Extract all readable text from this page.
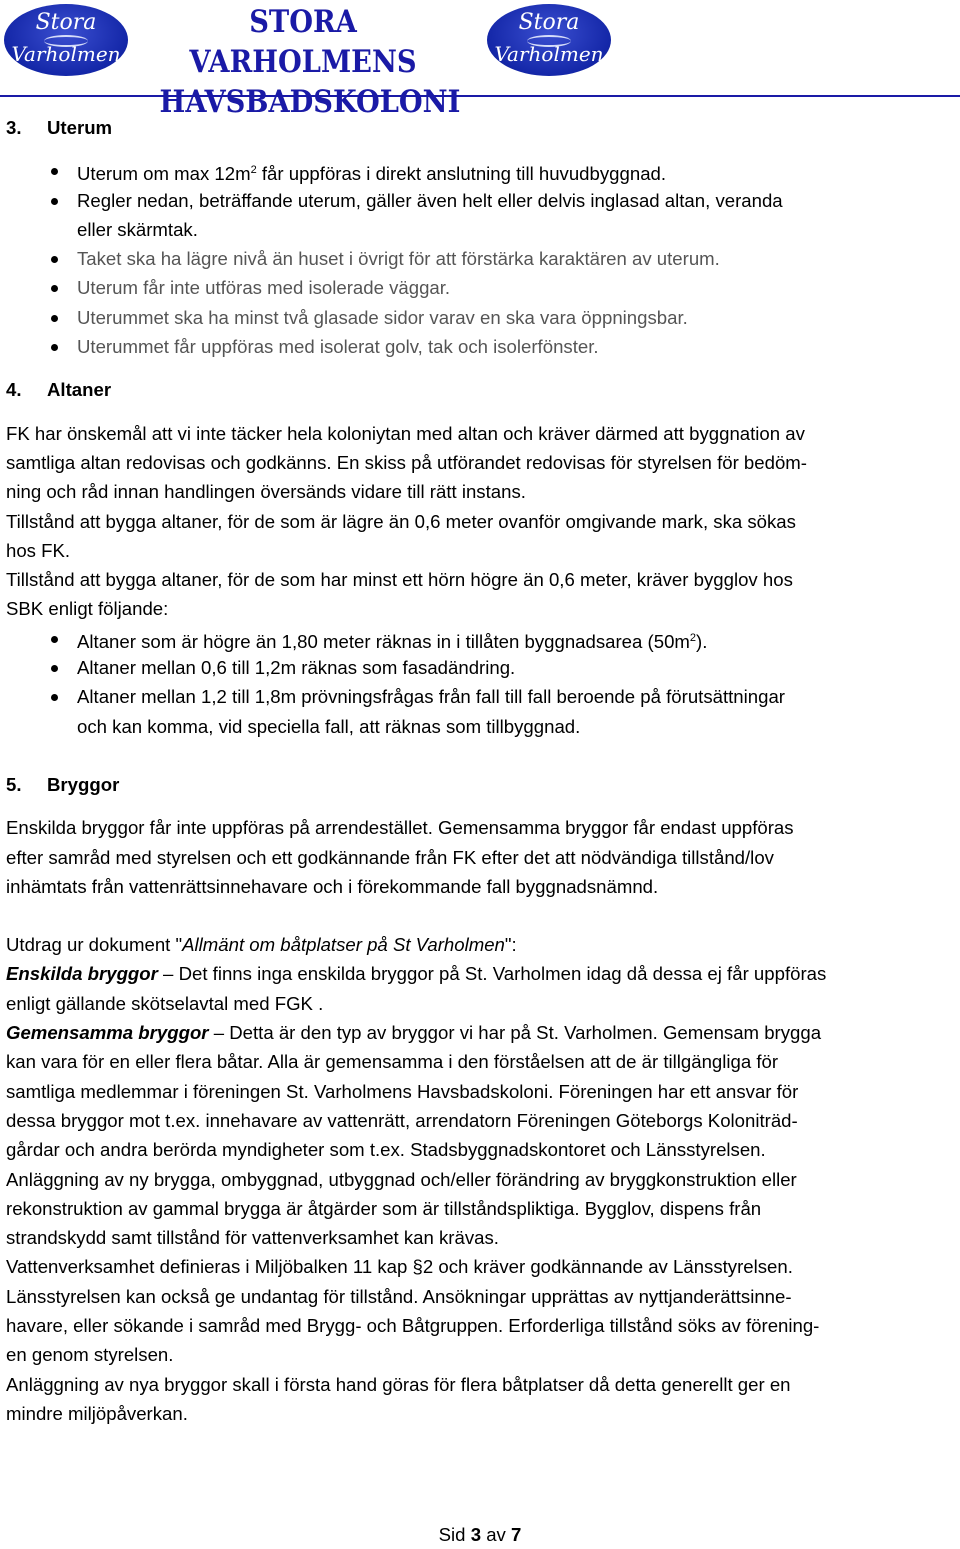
Stora
Varholmen
STORA VARHOLMENS
HAVSBADSKOLONI
Stora
Varholmen
3. Uterum
Uterum om $\max 12m^2$ får uppföras i direkt anslutning till huvudbyggnad.
Regler nedan, beträffande uterum, gäller även helt eller delvis inglasad altan, veranda
eller skärmtak.
Taket ska ha lägre nivå än huset i övrigt för att förstärka karaktären av uterum.
Uterum får inte utföras med isolerade väggar.
Uterummet ska ha minst två glasade sidor varav en ska vara öppningsbar.
Uterummet får uppföras med isolerat golv, tak och isolerfönster.
4. Altaner
FK har önskemål att vi inte täcker hela koloniytan med altan och kräver därmed att byggnation av
samtliga altan redovisas och godkänns. En skiss på utförandet redovisas för styrelsen för bedöm-
ning och råd innan handlingen översänds vidare till rätt instans.
Tillstånd att bygga altaner, för de som är lägre än 0,6 meter ovanför omgivande mark, ska sökas
hos FK.
Tillstånd att bygga altaner, för de som har minst ett hörn högre än 0,6 meter, kräver bygglov hos
SBK enligt följande:
Altaner som är högre än 1,80 meter räknas in i tillåten byggnadsarea $(50m^2)$.
Altaner mellan 0,6 till 1,2m räknas som fasadändring.
Altaner mellan 1,2 till 1,8m prövningsfrågas från fall till fall beroende på förutsättningar
och kan komma, vid speciella fall, att räknas som tillbyggnad.
5. Bryggor
Enskilda bryggor får inte uppföras på arrendestället. Gemensamma bryggor får endast uppföras
efter samråd med styrelsen och ett godkännande från FK efter det att nödvändiga tillstånd/lov
inhämtats från vattenrättsinnehavare och i förekommande fall byggnadsnämnd.
Utdrag ur dokument "Allmänt om båtplatser på St Varholmen":
Enskilda bryggor – Det finns inga enskilda bryggor på St. Varholmen idag då dessa ej får uppföras
enligt gällande skötselavtal med FGK .
Gemensamma bryggor – Detta är den typ av bryggor vi har på St. Varholmen. Gemensam brygga
kan vara för en eller flera båtar. Alla är gemensamma i den förståelsen att de är tillgängliga för
samtliga medlemmar i föreningen St. Varholmens Havsbadskoloni. Föreningen har ett ansvar för
dessa bryggor mot t.ex. innehavare av vattenrätt, arrendatorn Föreningen Göteborgs Koloniträd-
gårdar och andra berörda myndigheter som t.ex. Stadsbyggnadskontoret och Länsstyrelsen.
Anläggning av ny brygga, ombyggnad, utbyggnad och/eller förändring av bryggkonstruktion eller
rekonstruktion av gammal brygga är åtgärder som är tillståndspliktiga. Bygglov, dispens från
strandskydd samt tillstånd för vattenverksamhet kan krävas.
Vattenverksamhet definieras i Miljöbalken 11 kap §2 och kräver godkännande av Länsstyrelsen.
Länsstyrelsen kan också ge undantag för tillstånd. Ansökningar upprättas av nyttjanderättsinne-
havare, eller sökande i samråd med Brygg- och Båtgruppen. Erforderliga tillstånd söks av förening-
en genom styrelsen.
Anläggning av nya bryggor skall i första hand göras för flera båtplatser då detta generellt ger en
mindre miljöpåverkan.
Sid 3 av 7
